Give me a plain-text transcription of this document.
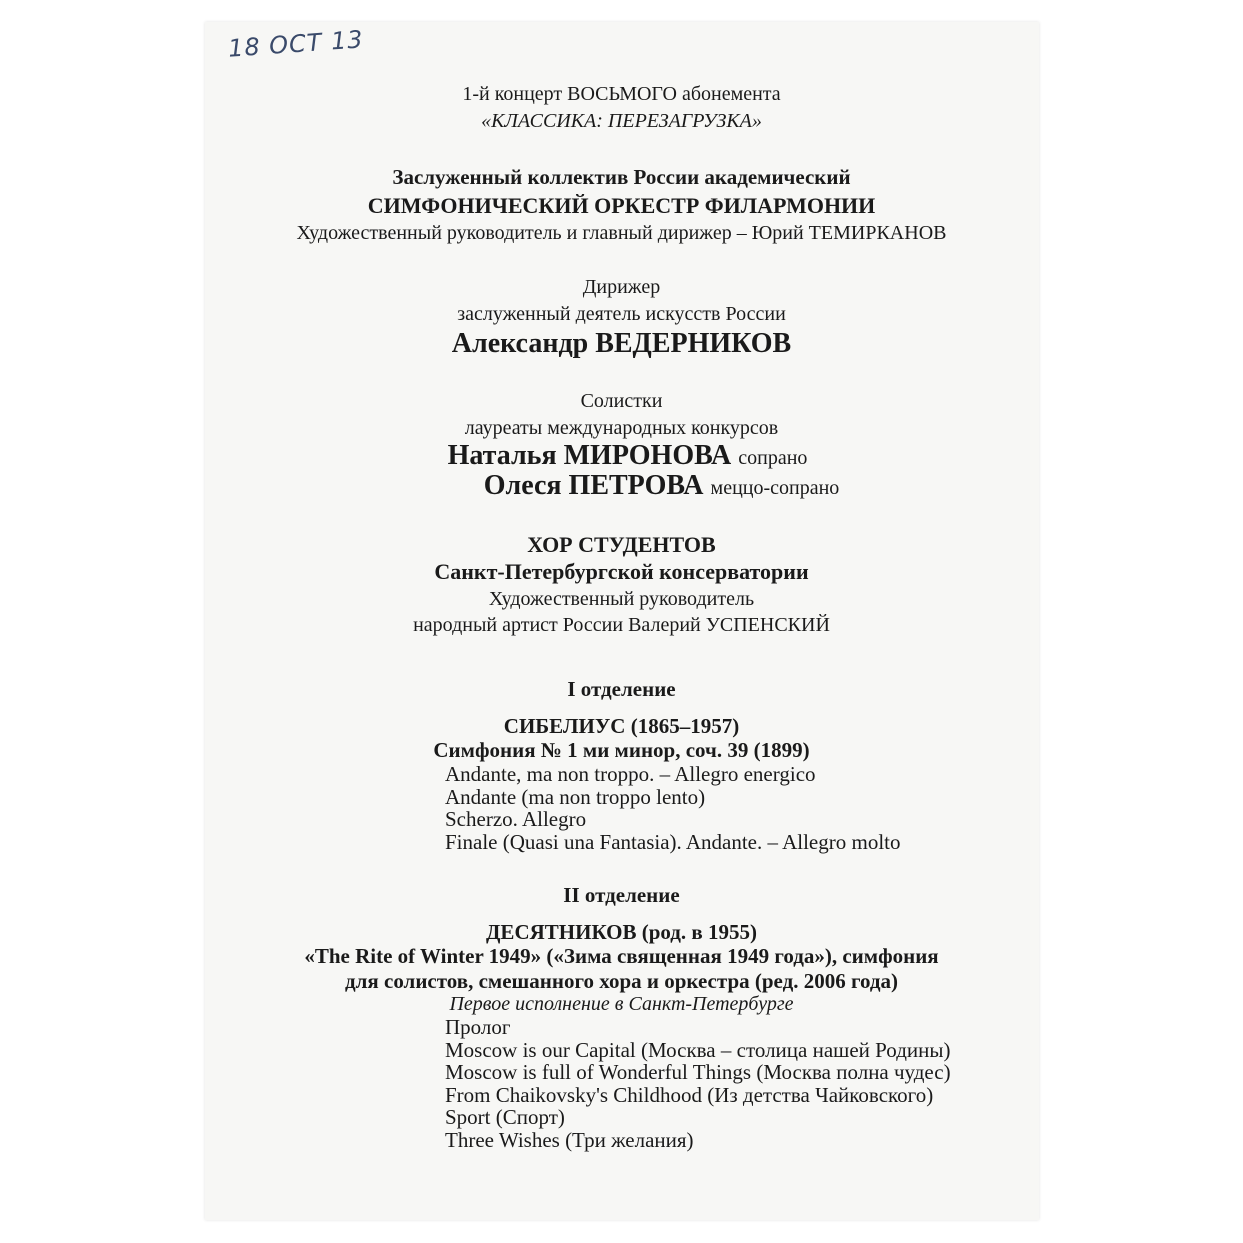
18 ОСТ 13
1-й концерт ВОСЬМОГО абонемента
«КЛАССИКА: ПЕРЕЗАГРУЗКА»
Заслуженный коллектив России академический
СИМФОНИЧЕСКИЙ ОРКЕСТР ФИЛАРМОНИИ
Художественный руководитель и главный дирижер – Юрий ТЕМИРКАНОВ
Дирижер
заслуженный деятель искусств России
Александр ВЕДЕРНИКОВ
Солистки
лауреаты международных конкурсов
Наталья МИРОНОВА сопрано
Олеся ПЕТРОВА меццо-сопрано
ХОР СТУДЕНТОВ
Санкт-Петербургской консерватории
Художественный руководитель
народный артист России Валерий УСПЕНСКИЙ
I отделение
СИБЕЛИУС (1865–1957)
Симфония № 1 ми минор, соч. 39 (1899)
Andante, ma non troppo. – Allegro energico
Andante (ma non troppo lento)
Scherzo. Allegro
Finale (Quasi una Fantasia). Andante. – Allegro molto
II отделение
ДЕСЯТНИКОВ (род. в 1955)
«The Rite of Winter 1949» («Зима священная 1949 года»), симфония
для солистов, смешанного хора и оркестра (ред. 2006 года)
Первое исполнение в Санкт-Петербурге
Пролог
Moscow is our Capital (Москва – столица нашей Родины)
Moscow is full of Wonderful Things (Москва полна чудес)
From Chaikovsky's Childhood (Из детства Чайковского)
Sport (Спорт)
Three Wishes (Три желания)
